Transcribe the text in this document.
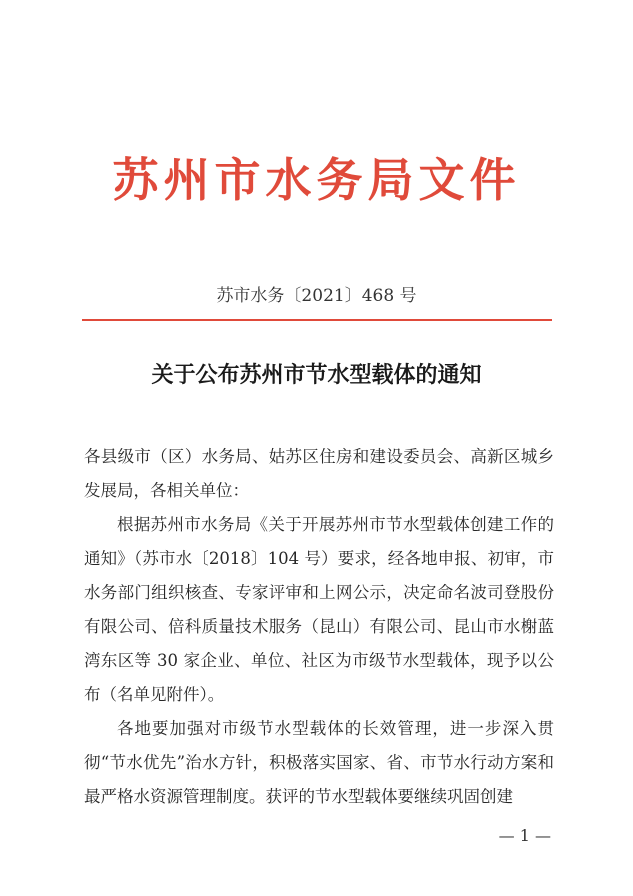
苏州市水务局文件
苏市水务〔2021〕468 号
关于公布苏州市节水型载体的通知

各县级市（区）水务局、姑苏区住房和建设委员会、高新区城乡发展局，各相关单位：

根据苏州市水务局《关于开展苏州市节水型载体创建工作的通知》（苏市水〔2018〕104 号）要求，经各地申报、初审，市水务部门组织核查、专家评审和上网公示，决定命名波司登股份有限公司、倍科质量技术服务（昆山）有限公司、昆山市水榭蓝湾东区等 30 家企业、单位、社区为市级节水型载体，现予以公布（名单见附件）。

各地要加强对市级节水型载体的长效管理，进一步深入贯彻“节水优先”治水方针，积极落实国家、省、市节水行动方案和最严格水资源管理制度。获评的节水型载体要继续巩固创建

— 1 —
